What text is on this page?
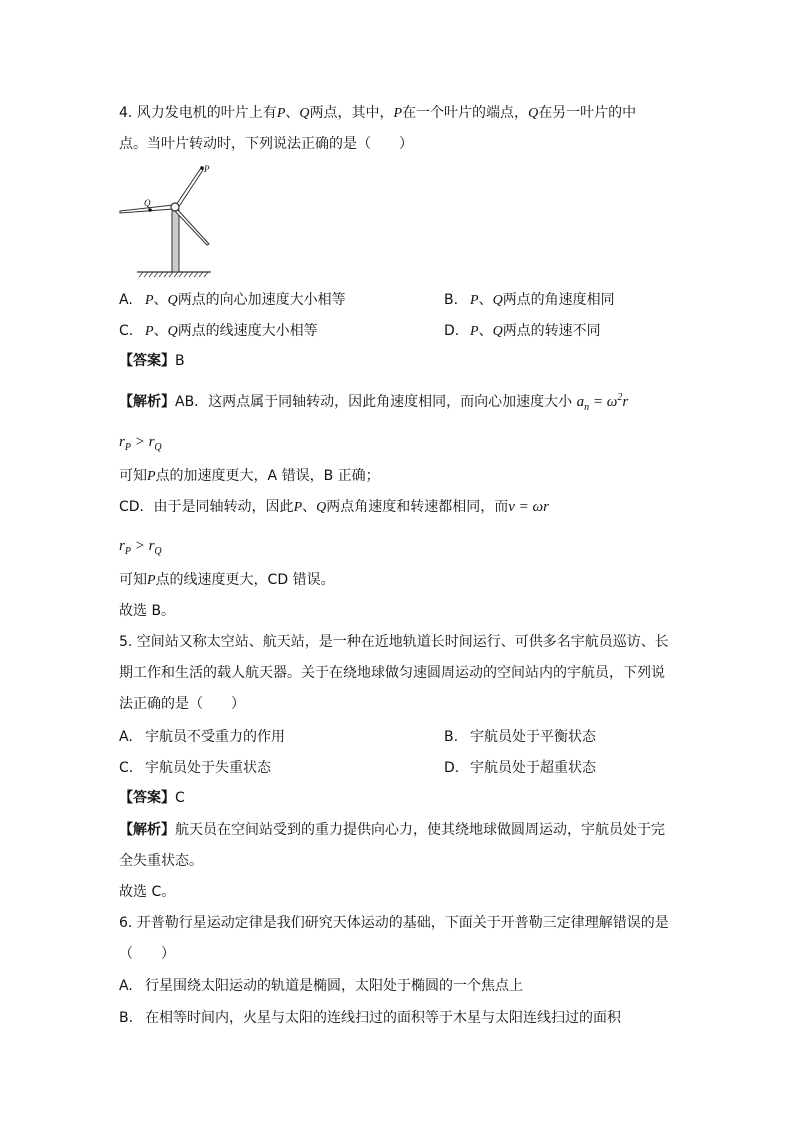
4. 风力发电机的叶片上有P、Q两点，其中，P在一个叶片的端点，Q在另一叶片的中
点。当叶片转动时，下列说法正确的是（　　）
P
Q
A. P、Q两点的向心加速度大小相等	B. P、Q两点的角速度相同
C. P、Q两点的线速度大小相等	D. P、Q两点的转速不同
【答案】B
【解析】AB．这两点属于同轴转动，因此角速度相同，而向心加速度大小 $a_n = \omega^2r$
$r_P > r_Q$
可知P点的加速度更大，A 错误，B 正确；
CD．由于是同轴转动，因此P、Q两点角速度和转速都相同，而v = ωr
$r_P > r_Q$
可知P点的线速度更大，CD 错误。
故选 B。
5. 空间站又称太空站、航天站，是一种在近地轨道长时间运行、可供多名宇航员巡访、长
期工作和生活的载人航天器。关于在绕地球做匀速圆周运动的空间站内的宇航员，下列说
法正确的是（　　）
A. 宇航员不受重力的作用	B. 宇航员处于平衡状态
C. 宇航员处于失重状态	D. 宇航员处于超重状态
【答案】C
【解析】航天员在空间站受到的重力提供向心力，使其绕地球做圆周运动，宇航员处于完
全失重状态。
故选 C。
6. 开普勒行星运动定律是我们研究天体运动的基础，下面关于开普勒三定律理解错误的是
（　　）
A. 行星围绕太阳运动的轨道是椭圆，太阳处于椭圆的一个焦点上
B. 在相等时间内，火星与太阳的连线扫过的面积等于木星与太阳连线扫过的面积
